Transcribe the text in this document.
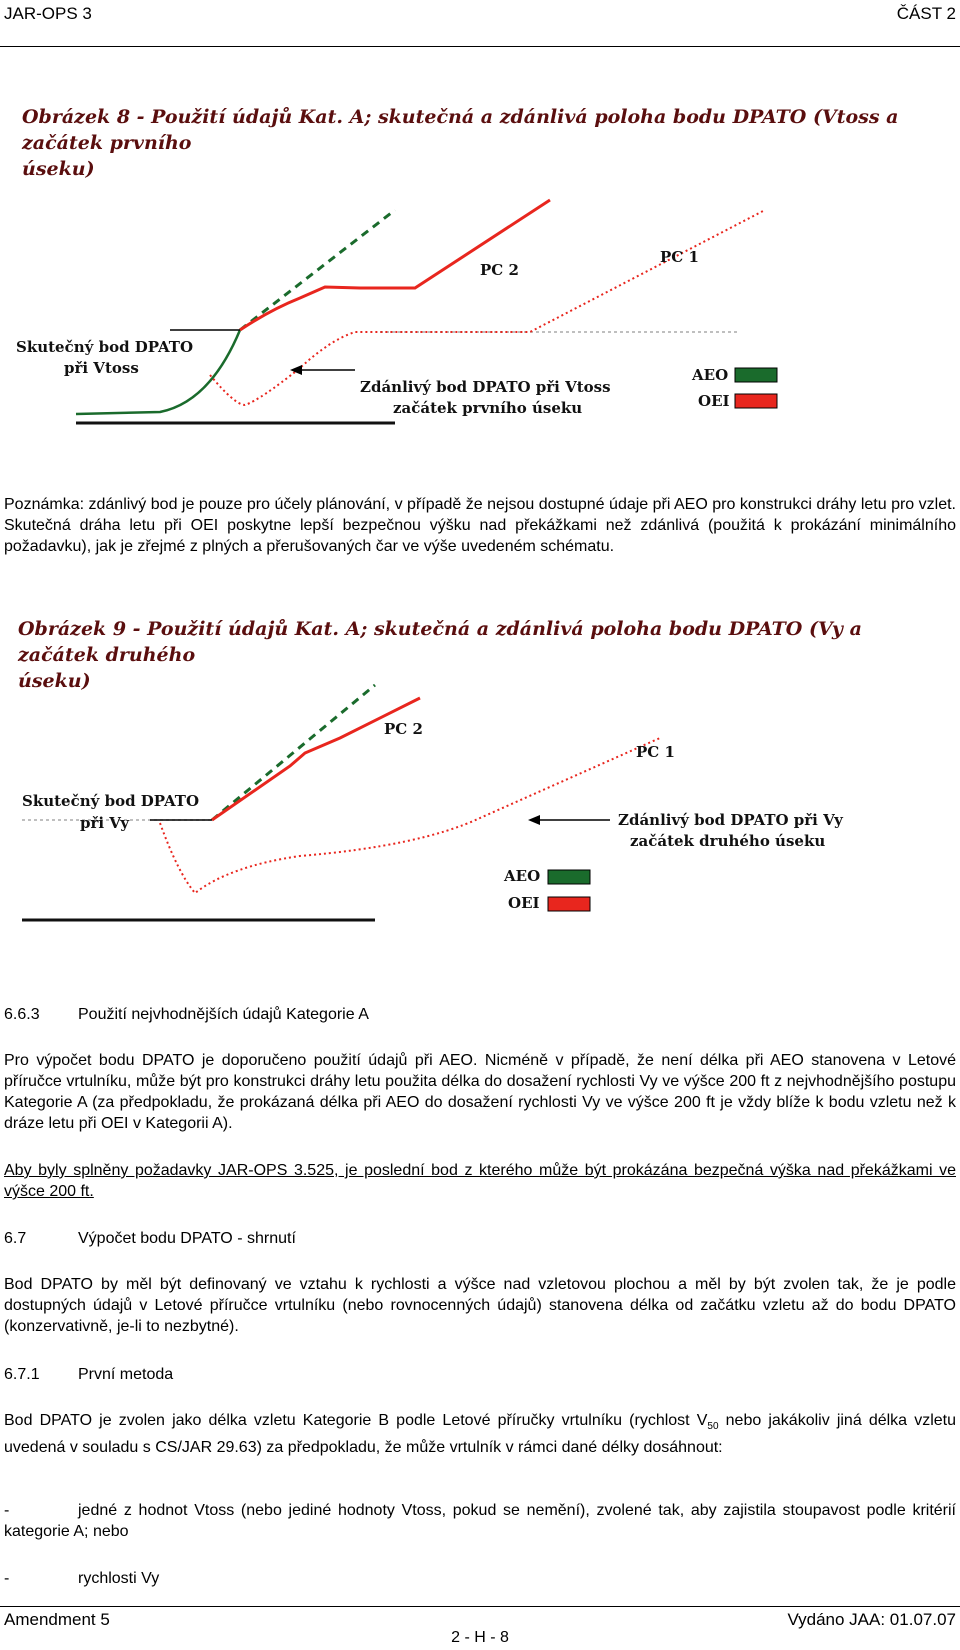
JAR-OPS 3	ČÁST 2
Obrázek 8 - Použití údajů Kat. A; skutečná a zdánlivá poloha bodu DPATO (Vtoss a začátek prvního
úseku)
Skutečný bod DPATO
při Vtoss
Zdánlivý bod DPATO při Vtoss
začátek prvního úseku
PC 2
PC 1
AEO
OEI
Poznámka: zdánlivý bod je pouze pro účely plánování, v případě že nejsou dostupné údaje při AEO pro konstrukci dráhy letu pro vzlet. Skutečná dráha letu při OEI poskytne lepší bezpečnou výšku nad překážkami než zdánlivá (použitá k prokázání minimálního požadavku), jak je zřejmé z plných a přerušovaných čar ve výše uvedeném schématu.
Obrázek 9 - Použití údajů Kat. A; skutečná a zdánlivá poloha bodu DPATO (Vy a začátek druhého
úseku)
Skutečný bod DPATO
při Vy	Zdánlivý bod DPATO při Vy
začátek druhého úseku
PC 2
PC 1
AEO
OEI
6.6.3 Použití nejvhodnějších údajů Kategorie A
Pro výpočet bodu DPATO je doporučeno použití údajů při AEO. Nicméně v případě, že není délka při AEO stanovena v Letové příručce vrtulníku, může být pro konstrukci dráhy letu použita délka do dosažení rychlosti Vy ve výšce 200 ft z nejvhodnějšího postupu Kategorie A (za předpokladu, že prokázaná délka při AEO do dosažení rychlosti Vy ve výšce 200 ft je vždy blíže k bodu vzletu než k dráze letu při OEI v Kategorii A).
Aby byly splněny požadavky JAR-OPS 3.525, je poslední bod z kterého může být prokázána bezpečná výška nad překážkami ve výšce 200 ft.
6.7	Výpočet bodu DPATO - shrnutí
Bod DPATO by měl být definovaný ve vztahu k rychlosti a výšce nad vzletovou plochou a měl by být zvolen tak, že je podle dostupných údajů v Letové příručce vrtulníku (nebo rovnocenných údajů) stanovena délka od začátku vzletu až do bodu DPATO (konzervativně, je-li to nezbytné).
6.7.1 První metoda
Bod DPATO je zvolen jako délka vzletu Kategorie B podle Letové příručky vrtulníku (rychlost $V_{50}$ nebo jakákoliv jiná délka vzletu uvedená v souladu s CS/JAR 29.63) za předpokladu, že může vrtulník v rámci dané délky dosáhnout:
-	jedné z hodnot Vtoss (nebo jediné hodnoty Vtoss, pokud se nemění), zvolené tak, aby zajistila stoupavost podle kritérií kategorie A; nebo
-	rychlosti Vy
Amendment 5	Vydáno JAA: 01.07.07
2 - H - 8
